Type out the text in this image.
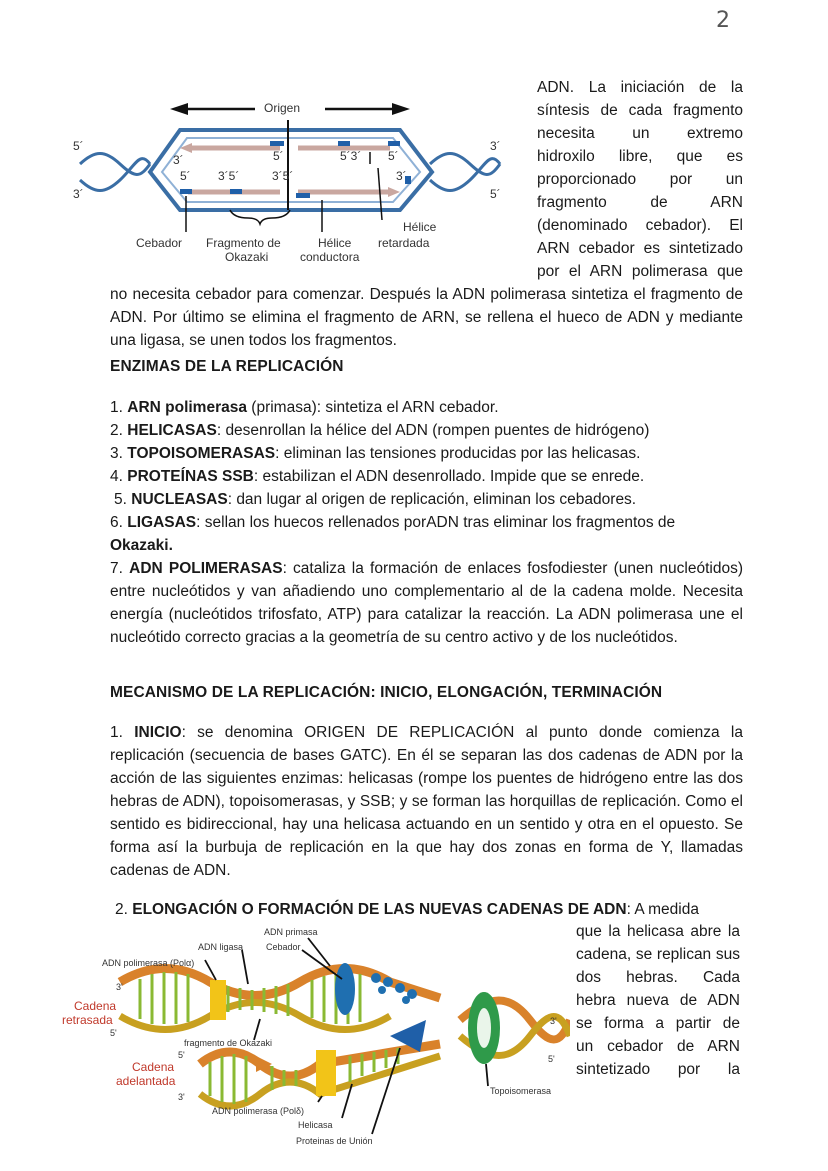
2
Origen
5´
3´
3´
5´
3´
5´
5´	5´3´ 5´
3´5´	3´5´	3´
Cebador Fragmento de
Okazaki
Hélice
conductora
Hélice
retardada
ADN. La iniciación de la
síntesis de cada fragmento
necesita un extremo
hidroxilo libre, que es
proporcionado por un
fragmento de ARN
(denominado cebador). El
ARN cebador es sintetizado
por el ARN polimerasa que
no necesita cebador para comenzar. Después la ADN polimerasa sintetiza el fragmento de ADN. Por último se elimina el fragmento de ARN, se rellena el hueco de ADN y mediante una ligasa, se unen todos los fragmentos.
ENZIMAS DE LA REPLICACIÓN
1. ARN polimerasa (primasa): sintetiza el ARN cebador.
2. HELICASAS: desenrollan la hélice del ADN (rompen puentes de hidrógeno)
3. TOPOISOMERASAS: eliminan las tensiones producidas por las helicasas.
4. PROTEÍNAS SSB: estabilizan el ADN desenrollado. Impide que se enrede.
5. NUCLEASAS: dan lugar al origen de replicación, eliminan los cebadores.
6. LIGASAS: sellan los huecos rellenados porADN tras eliminar los fragmentos de
Okazaki.
7. ADN POLIMERASAS: cataliza la formación de enlaces fosfodiester (unen nucleótidos) entre nucleótidos y van añadiendo uno complementario al de la cadena molde. Necesita energía (nucleótidos trifosfato, ATP) para catalizar la reacción. La ADN polimerasa une el nucleótido correcto gracias a la geometría de su centro activo y de los nucleótidos.
MECANISMO DE LA REPLICACIÓN: INICIO, ELONGACIÓN, TERMINACIÓN
1. INICIO: se denomina ORIGEN DE REPLICACIÓN al punto donde comienza la replicación (secuencia de bases GATC). En él se separan las dos cadenas de ADN por la acción de las siguientes enzimas: helicasas (rompe los puentes de hidrógeno entre las dos hebras de ADN), topoisomerasas, y SSB; y se forman las horquillas de replicación. Como el sentido es bidireccional, hay una helicasa actuando en un sentido y otra en el opuesto. Se forma así la burbuja de replicación en la que hay dos zonas en forma de Y, llamadas cadenas de ADN.
2. ELONGACIÓN O FORMACIÓN DE LAS NUEVAS CADENAS DE ADN: A medida
que la helicasa abre la
cadena, se replican sus
dos hebras. Cada
hebra nueva de ADN
se forma a partir de
un cebador de ARN
sintetizado por la
ADN primasa
ADN ligasa	Cebador
ADN polimerasa (Polα)
Cadena
retrasada
fragmento de Okazaki
Cadena
adelantada
ADN polimerasa (Polδ)
Helicasa
Proteinas de Unión
Topoisomerasa
3'
5'
5'
3'
3'
5'
